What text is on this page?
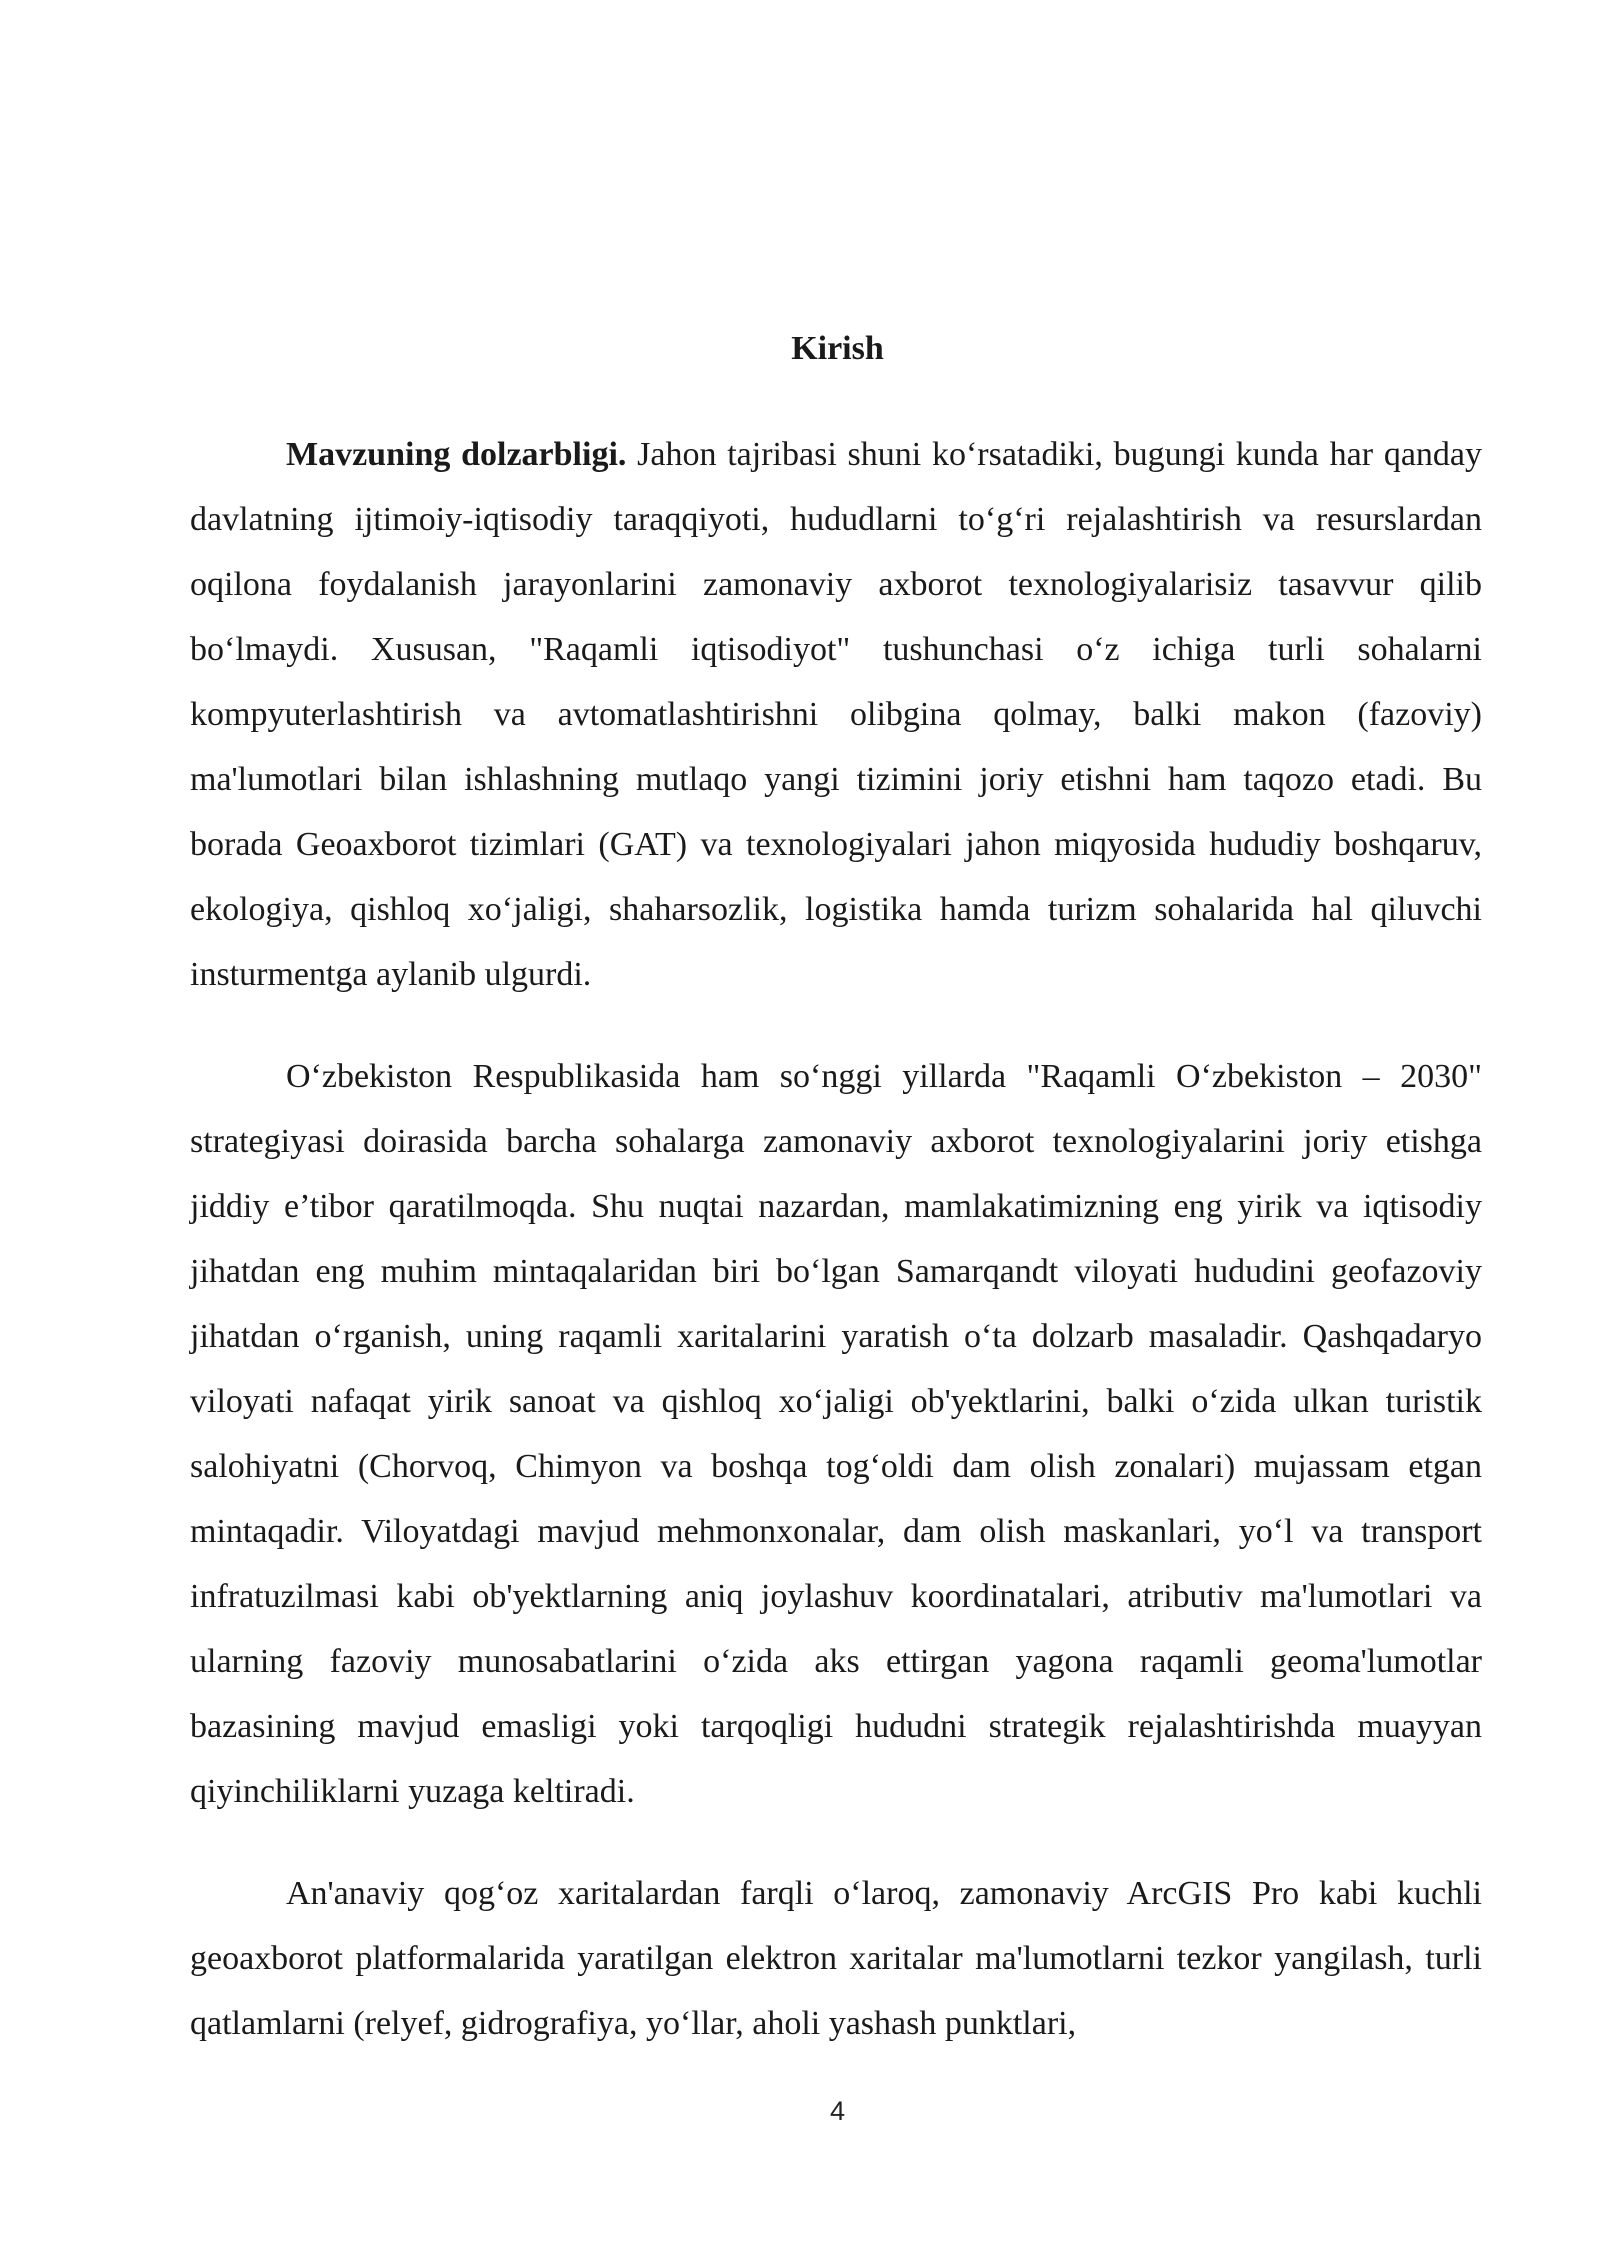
Kirish

Mavzuning dolzarbligi. Jahon tajribasi shuni ko‘rsatadiki, bugungi kunda har qanday davlatning ijtimoiy-iqtisodiy taraqqiyoti, hududlarni to‘g‘ri rejalashtirish va resurslardan oqilona foydalanish jarayonlarini zamonaviy axborot texnologiyalarisiz tasavvur qilib bo‘lmaydi. Xususan, "Raqamli iqtisodiyot" tushunchasi o‘z ichiga turli sohalarni kompyuterlashtirish va avtomatlashtirishni olibgina qolmay, balki makon (fazoviy) ma'lumotlari bilan ishlashning mutlaqo yangi tizimini joriy etishni ham taqozo etadi. Bu borada Geoaxborot tizimlari (GAT) va texnologiyalari jahon miqyosida hududiy boshqaruv, ekologiya, qishloq xo‘jaligi, shaharsozlik, logistika hamda turizm sohalarida hal qiluvchi insturmentga aylanib ulgurdi.

O‘zbekiston Respublikasida ham so‘nggi yillarda "Raqamli O‘zbekiston – 2030" strategiyasi doirasida barcha sohalarga zamonaviy axborot texnologiyalarini joriy etishga jiddiy e’tibor qaratilmoqda. Shu nuqtai nazardan, mamlakatimizning eng yirik va iqtisodiy jihatdan eng muhim mintaqalaridan biri bo‘lgan Samarqandt viloyati hududini geofazoviy jihatdan o‘rganish, uning raqamli xaritalarini yaratish o‘ta dolzarb masaladir. Qashqadaryo viloyati nafaqat yirik sanoat va qishloq xo‘jaligi ob'yektlarini, balki o‘zida ulkan turistik salohiyatni (Chorvoq, Chimyon va boshqa tog‘oldi dam olish zonalari) mujassam etgan mintaqadir. Viloyatdagi mavjud mehmonxonalar, dam olish maskanlari, yo‘l va transport infratuzilmasi kabi ob'yektlarning aniq joylashuv koordinatalari, atributiv ma'lumotlari va ularning fazoviy munosabatlarini o‘zida aks ettirgan yagona raqamli geoma'lumotlar bazasining mavjud emasligi yoki tarqoqligi hududni strategik rejalashtirishda muayyan qiyinchiliklarni yuzaga keltiradi.

An'anaviy qog‘oz xaritalardan farqli o‘laroq, zamonaviy ArcGIS Pro kabi kuchli geoaxborot platformalarida yaratilgan elektron xaritalar ma'lumotlarni tezkor yangilash, turli qatlamlarni (relyef, gidrografiya, yo‘llar, aholi yashash punktlari,

4
